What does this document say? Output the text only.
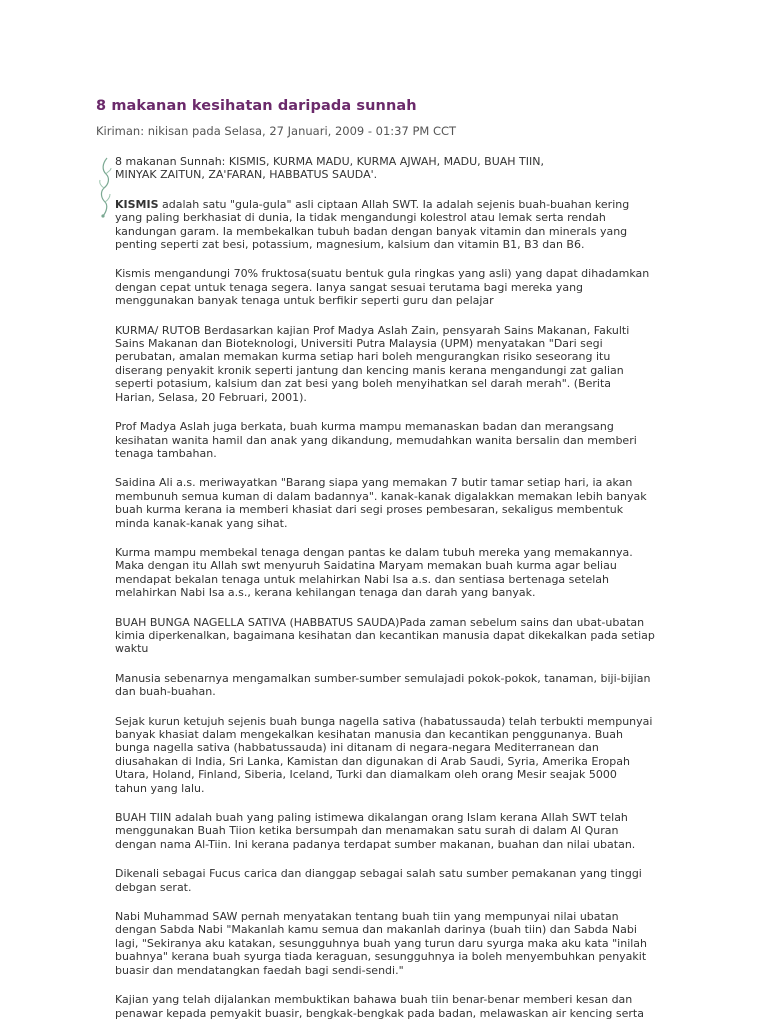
8 makanan kesihatan daripada sunnah
Kiriman: nikisan pada Selasa, 27 Januari, 2009 - 01:37 PM CCT

8 makanan Sunnah: KISMIS, KURMA MADU, KURMA AJWAH, MADU, BUAH TIIN,
MINYAK ZAITUN, ZA'FARAN, HABBATUS SAUDA'.

KISMIS adalah satu "gula-gula" asli ciptaan Allah SWT. Ia adalah sejenis buah-buahan kering
yang paling berkhasiat di dunia, Ia tidak mengandungi kolestrol atau lemak serta rendah
kandungan garam. Ia membekalkan tubuh badan dengan banyak vitamin dan minerals yang
penting seperti zat besi, potassium, magnesium, kalsium dan vitamin B1, B3 dan B6.

Kismis mengandungi 70% fruktosa(suatu bentuk gula ringkas yang asli) yang dapat dihadamkan
dengan cepat untuk tenaga segera. Ianya sangat sesuai terutama bagi mereka yang
menggunakan banyak tenaga untuk berfikir seperti guru dan pelajar

KURMA/ RUTOB Berdasarkan kajian Prof Madya Aslah Zain, pensyarah Sains Makanan, Fakulti
Sains Makanan dan Bioteknologi, Universiti Putra Malaysia (UPM) menyatakan "Dari segi
perubatan, amalan memakan kurma setiap hari boleh mengurangkan risiko seseorang itu
diserang penyakit kronik seperti jantung dan kencing manis kerana mengandungi zat galian
seperti potasium, kalsium dan zat besi yang boleh menyihatkan sel darah merah". (Berita
Harian, Selasa, 20 Februari, 2001).

Prof Madya Aslah juga berkata, buah kurma mampu memanaskan badan dan merangsang
kesihatan wanita hamil dan anak yang dikandung, memudahkan wanita bersalin dan memberi
tenaga tambahan.

Saidina Ali a.s. meriwayatkan "Barang siapa yang memakan 7 butir tamar setiap hari, ia akan
membunuh semua kuman di dalam badannya". kanak-kanak digalakkan memakan lebih banyak
buah kurma kerana ia memberi khasiat dari segi proses pembesaran, sekaligus membentuk
minda kanak-kanak yang sihat.

Kurma mampu membekal tenaga dengan pantas ke dalam tubuh mereka yang memakannya.
Maka dengan itu Allah swt menyuruh Saidatina Maryam memakan buah kurma agar beliau
mendapat bekalan tenaga untuk melahirkan Nabi Isa a.s. dan sentiasa bertenaga setelah
melahirkan Nabi Isa a.s., kerana kehilangan tenaga dan darah yang banyak.

BUAH BUNGA NAGELLA SATIVA (HABBATUS SAUDA)Pada zaman sebelum sains dan ubat-ubatan
kimia diperkenalkan, bagaimana kesihatan dan kecantikan manusia dapat dikekalkan pada setiap
waktu

Manusia sebenarnya mengamalkan sumber-sumber semulajadi pokok-pokok, tanaman, biji-bijian
dan buah-buahan.

Sejak kurun ketujuh sejenis buah bunga nagella sativa (habatussauda) telah terbukti mempunyai
banyak khasiat dalam mengekalkan kesihatan manusia dan kecantikan penggunanya. Buah
bunga nagella sativa (habbatussauda) ini ditanam di negara-negara Mediterranean dan
diusahakan di India, Sri Lanka, Kamistan dan digunakan di Arab Saudi, Syria, Amerika Eropah
Utara, Holand, Finland, Siberia, Iceland, Turki dan diamalkam oleh orang Mesir seajak 5000
tahun yang lalu.

BUAH TIIN adalah buah yang paling istimewa dikalangan orang Islam kerana Allah SWT telah
menggunakan Buah Tiion ketika bersumpah dan menamakan satu surah di dalam Al Quran
dengan nama Al-Tiin. Ini kerana padanya terdapat sumber makanan, buahan dan nilai ubatan.

Dikenali sebagai Fucus carica dan dianggap sebagai salah satu sumber pemakanan yang tinggi
debgan serat.

Nabi Muhammad SAW pernah menyatakan tentang buah tiin yang mempunyai nilai ubatan
dengan Sabda Nabi "Makanlah kamu semua dan makanlah darinya (buah tiin) dan Sabda Nabi
lagi, "Sekiranya aku katakan, sesungguhnya buah yang turun daru syurga maka aku kata "inilah
buahnya" kerana buah syurga tiada keraguan, sesungguhnya ia boleh menyembuhkan penyakit
buasir dan mendatangkan faedah bagi sendi-sendi."

Kajian yang telah dijalankan membuktikan bahawa buah tiin benar-benar memberi kesan dan
penawar kepada pemyakit buasir, bengkak-bengkak pada badan, melawaskan air kencing serta
